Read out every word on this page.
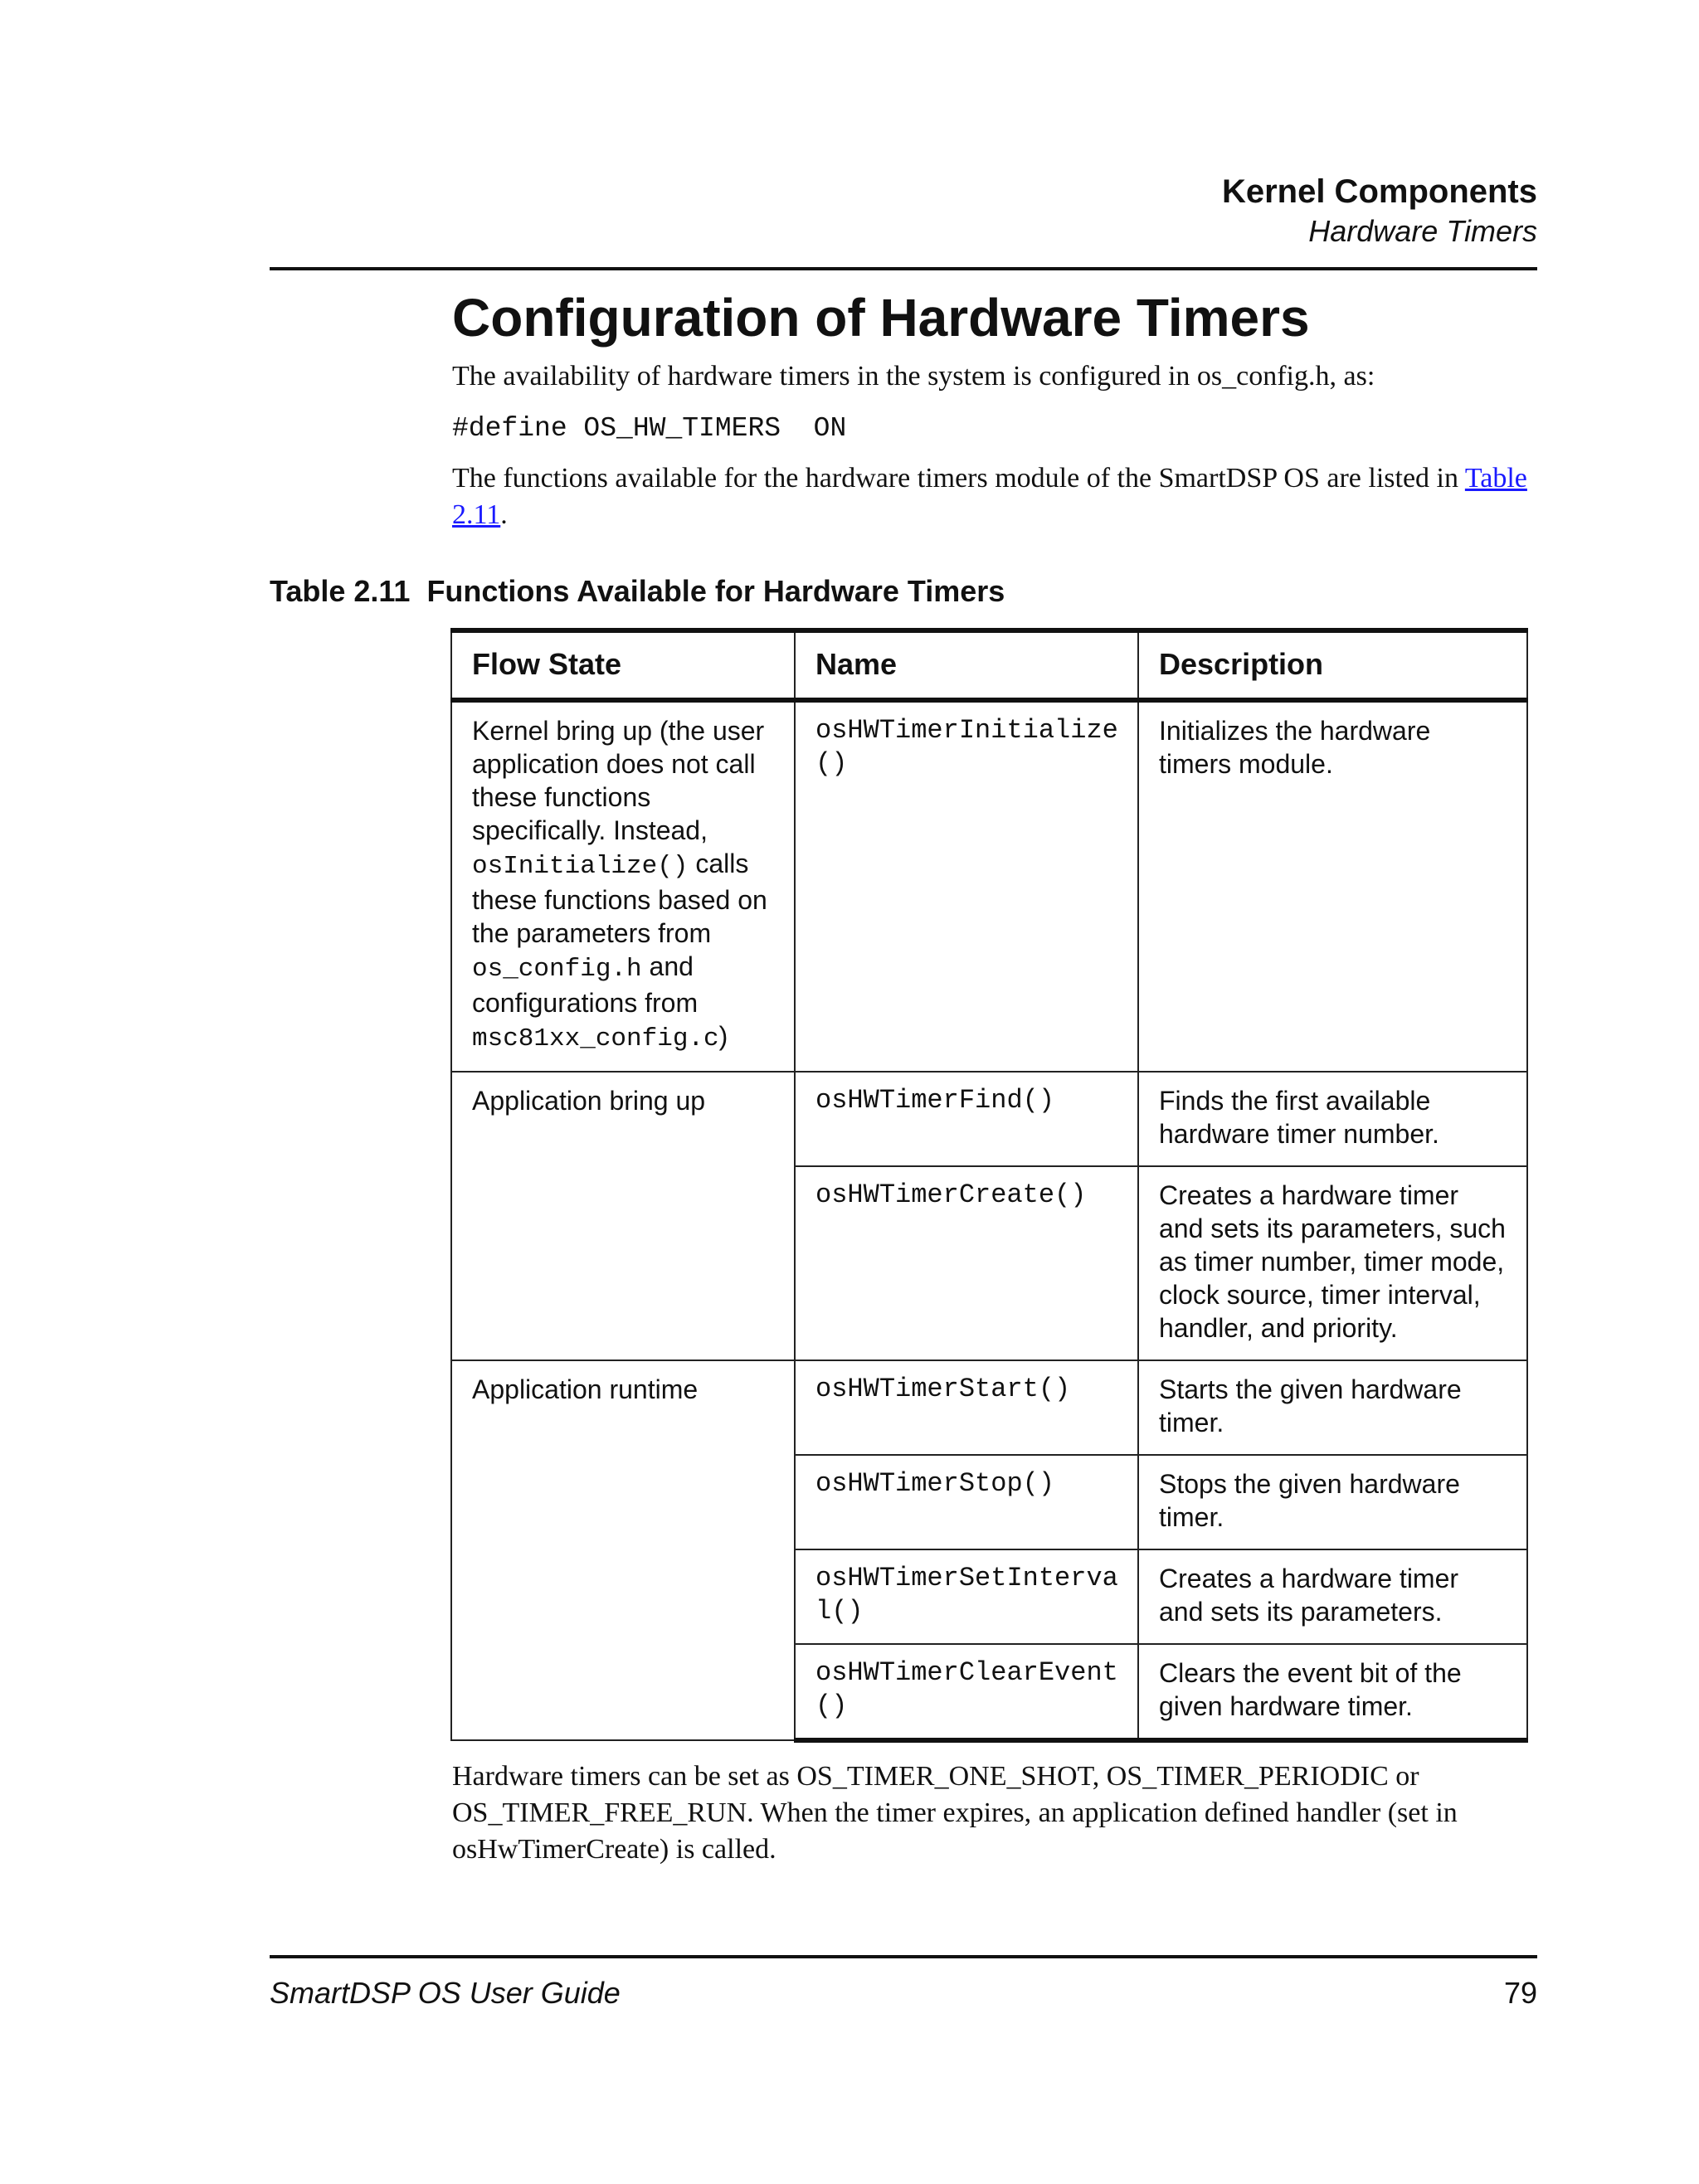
Kernel Components
Hardware Timers
Configuration of Hardware Timers

The availability of hardware timers in the system is configured in os_config.h, as:

#define OS_HW_TIMERS  ON

The functions available for the hardware timers module of the SmartDSP OS are listed in Table 2.11.

Table 2.11  Functions Available for Hardware Timers
Flow State	Name	Description
Kernel bring up (the user application does not call these functions specifically. Instead, osInitialize() calls these functions based on the parameters from os_config.h and configurations from msc81xx_config.c)	osHWTimerInitialize()	Initializes the hardware timers module.
Application bring up	osHWTimerFind()	Finds the first available hardware timer number.
	osHWTimerCreate()	Creates a hardware timer and sets its parameters, such as timer number, timer mode, clock source, timer interval, handler, and priority.
Application runtime	osHWTimerStart()	Starts the given hardware timer.
	osHWTimerStop()	Stops the given hardware timer.
	osHWTimerSetInterval()	Creates a hardware timer and sets its parameters.
	osHWTimerClearEvent()	Clears the event bit of the given hardware timer.

Hardware timers can be set as OS_TIMER_ONE_SHOT, OS_TIMER_PERIODIC or OS_TIMER_FREE_RUN. When the timer expires, an application defined handler (set in osHwTimerCreate) is called.

SmartDSP OS User Guide	79
